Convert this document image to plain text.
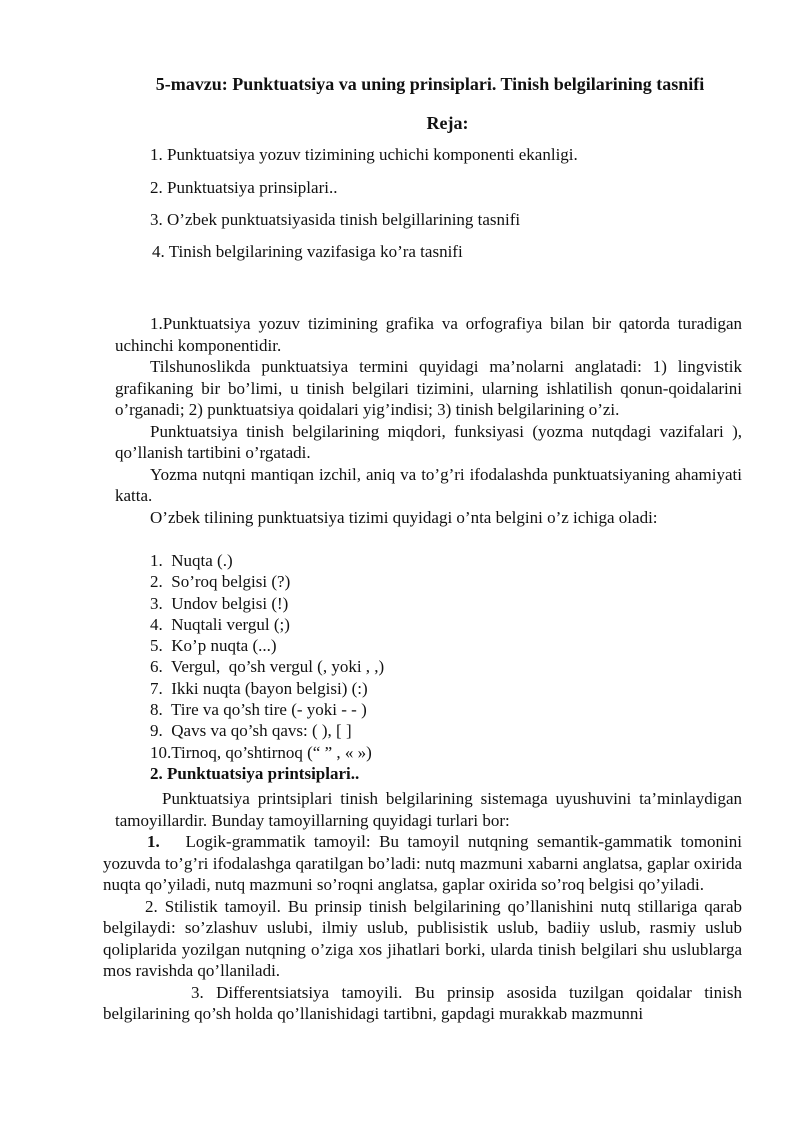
5-mavzu: Punktuatsiya va uning prinsiplari. Tinish belgilarining tasnifi
Reja:
1. Punktuatsiya yozuv tizimining uchichi komponenti ekanligi.
2. Punktuatsiya prinsiplari..
3. O’zbek punktuatsiyasida tinish belgillarining tasnifi
4. Tinish belgilarining vazifasiga ko’ra tasnifi

1.Punktuatsiya yozuv tizimining grafika va orfografiya bilan bir qatorda turadigan uchinchi komponentidir.

Tilshunoslikda punktuatsiya termini quyidagi ma’nolarni anglatadi: 1) lingvistik grafikaning bir bo’limi, u tinish belgilari tizimini, ularning ishlatilish qonun-qoidalarini o’rganadi; 2) punktuatsiya qoidalari yig’indisi; 3) tinish belgilarining o’zi.

Punktuatsiya tinish belgilarining miqdori, funksiyasi (yozma nutqdagi vazifalari ), qo’llanish tartibini o’rgatadi.

Yozma nutqni mantiqan izchil, aniq va to’g’ri ifodalashda punktuatsiyaning ahamiyati katta.

O’zbek tilining punktuatsiya tizimi quyidagi o’nta belgini o’z ichiga oladi:

1.  Nuqta (.)
2.  So’roq belgisi (?)
3.  Undov belgisi (!)
4.  Nuqtali vergul (;)
5.  Ko’p nuqta (...)
6.  Vergul,  qo’sh vergul (, yoki , ,)
7.  Ikki nuqta (bayon belgisi) (:)
8.  Tire va qo’sh tire (- yoki - - )
9.  Qavs va qo’sh qavs: ( ), [ ]
10.Tirnoq, qo’shtirnoq (“ ” , « »)
2. Punktuatsiya printsiplari..
Punktuatsiya printsiplari tinish belgilarining sistemaga uyushuvini ta’minlaydigan tamoyillardir. Bunday tamoyillarning quyidagi turlari bor:

1. Logik-grammatik tamoyil: Bu tamoyil nutqning semantik-gammatik tomonini yozuvda to’g’ri ifodalashga qaratilgan bo’ladi: nutq mazmuni xabarni anglatsa, gaplar oxirida nuqta qo’yiladi, nutq mazmuni so’roqni anglatsa, gaplar oxirida so’roq belgisi qo’yiladi.

2. Stilistik tamoyil. Bu prinsip tinish belgilarining qo’llanishini nutq stillariga qarab belgilaydi: so’zlashuv uslubi, ilmiy uslub, publisistik uslub, badiiy uslub, rasmiy uslub qoliplarida yozilgan nutqning o’ziga xos jihatlari borki, ularda tinish belgilari shu uslublarga mos ravishda qo’llaniladi.

3. Differentsiatsiya tamoyili. Bu prinsip asosida tuzilgan qoidalar tinish belgilarining qo’sh holda qo’llanishidagi tartibni, gapdagi murakkab mazmunni
